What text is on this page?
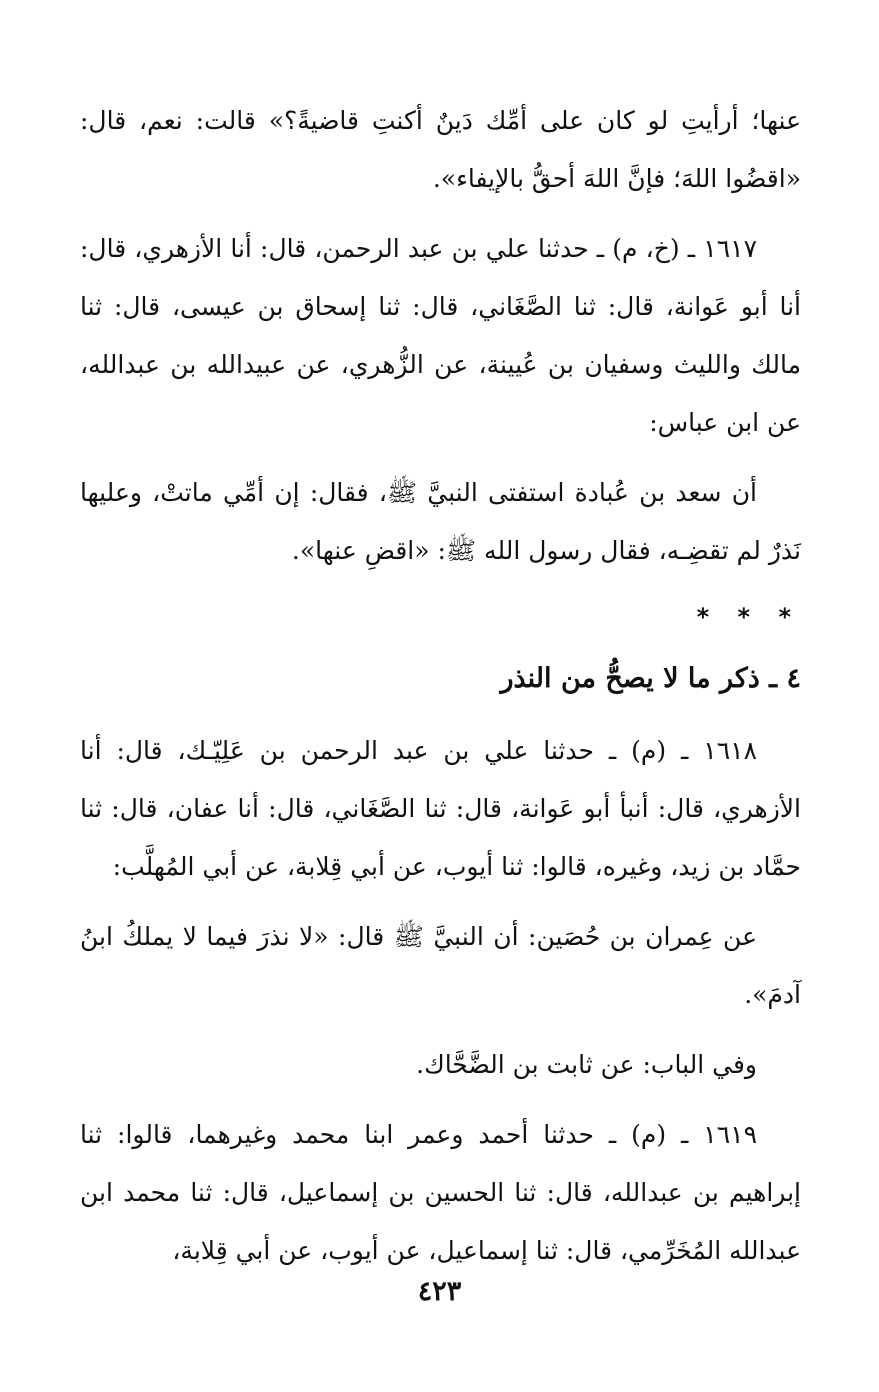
عنها؛ أرأيتِ لو كان على أمِّك دَينٌ أكنتِ قاضيةً؟» قالت: نعم، قال: «اقضُوا اللهَ؛ فإنَّ اللهَ أحقُّ بالإيفاء».

١٦١٧ ـ (خ، م) ـ حدثنا علي بن عبد الرحمن، قال: أنا الأزهري، قال: أنا أبو عَوانة، قال: ثنا الصَّغَاني، قال: ثنا إسحاق بن عيسى، قال: ثنا مالك والليث وسفيان بن عُيينة، عن الزُّهري، عن عبيدالله بن عبدالله، عن ابن عباس:

أن سعد بن عُبادة استفتى النبيَّ ﷺ، فقال: إن أمِّي ماتتْ، وعليها نَذرٌ لم تقضِـه، فقال رسول الله ﷺ: «اقضِ عنها».

* * *
٤ ـ ذكر ما لا يصحُّ من النذر

١٦١٨ ـ (م) ـ حدثنا علي بن عبد الرحمن بن عَلِيّـك، قال: أنا الأزهري، قال: أنبأ أبو عَوانة، قال: ثنا الصَّغَاني، قال: أنا عفان، قال: ثنا حمَّاد بن زيد، وغيره، قالوا: ثنا أيوب، عن أبي قِلابة، عن أبي المُهلَّب:

عن عِمران بن حُصَين: أن النبيَّ ﷺ قال: «لا نذرَ فيما لا يملكُ ابنُ آدمَ».

وفي الباب: عن ثابت بن الضَّحَّاك.

١٦١٩ ـ (م) ـ حدثنا أحمد وعمر ابنا محمد وغيرهما، قالوا: ثنا إبراهيم بن عبدالله، قال: ثنا الحسين بن إسماعيل، قال: ثنا محمد ابن عبدالله المُخَرِّمي، قال: ثنا إسماعيل، عن أيوب، عن أبي قِلابة،

٤٢٣
